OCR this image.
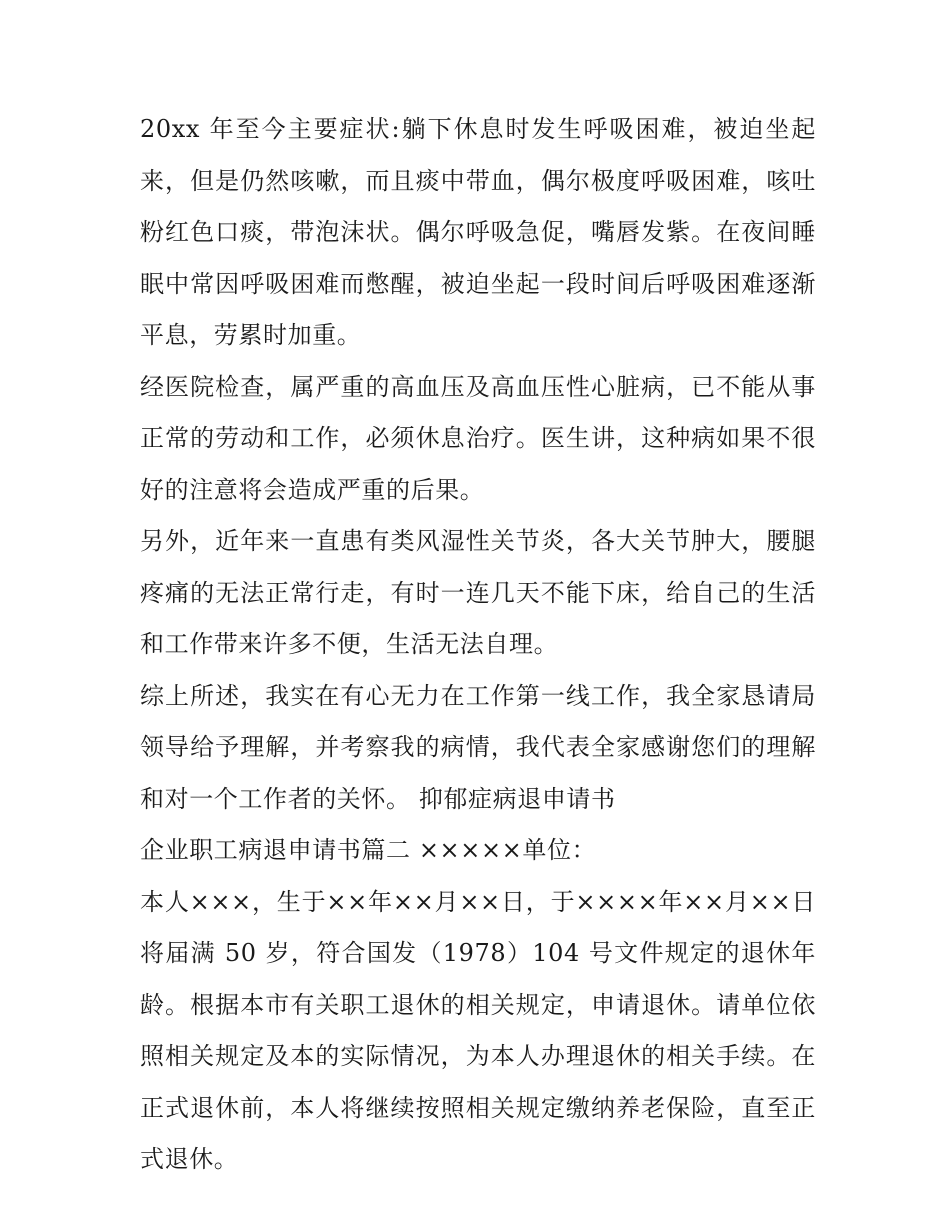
20xx 年至今主要症状:躺下休息时发生呼吸困难，被迫坐起来，但是仍然咳嗽，而且痰中带血，偶尔极度呼吸困难，咳吐粉红色口痰，带泡沫状。偶尔呼吸急促，嘴唇发紫。在夜间睡眠中常因呼吸困难而憋醒，被迫坐起一段时间后呼吸困难逐渐平息，劳累时加重。

经医院检查，属严重的高血压及高血压性心脏病，已不能从事正常的劳动和工作，必须休息治疗。医生讲，这种病如果不很好的注意将会造成严重的后果。

另外，近年来一直患有类风湿性关节炎，各大关节肿大，腰腿疼痛的无法正常行走，有时一连几天不能下床，给自己的生活和工作带来许多不便，生活无法自理。

综上所述，我实在有心无力在工作第一线工作，我全家恳请局领导给予理解，并考察我的病情，我代表全家感谢您们的理解和对一个工作者的关怀。 抑郁症病退申请书

企业职工病退申请书篇二 ×××××单位：

本人×××，生于××年××月××日，于××××年××月××日将届满 50 岁，符合国发（1978）104 号文件规定的退休年龄。根据本市有关职工退休的相关规定，申请退休。请单位依照相关规定及本的实际情况，为本人办理退休的相关手续。在正式退休前，本人将继续按照相关规定缴纳养老保险，直至正式退休。
